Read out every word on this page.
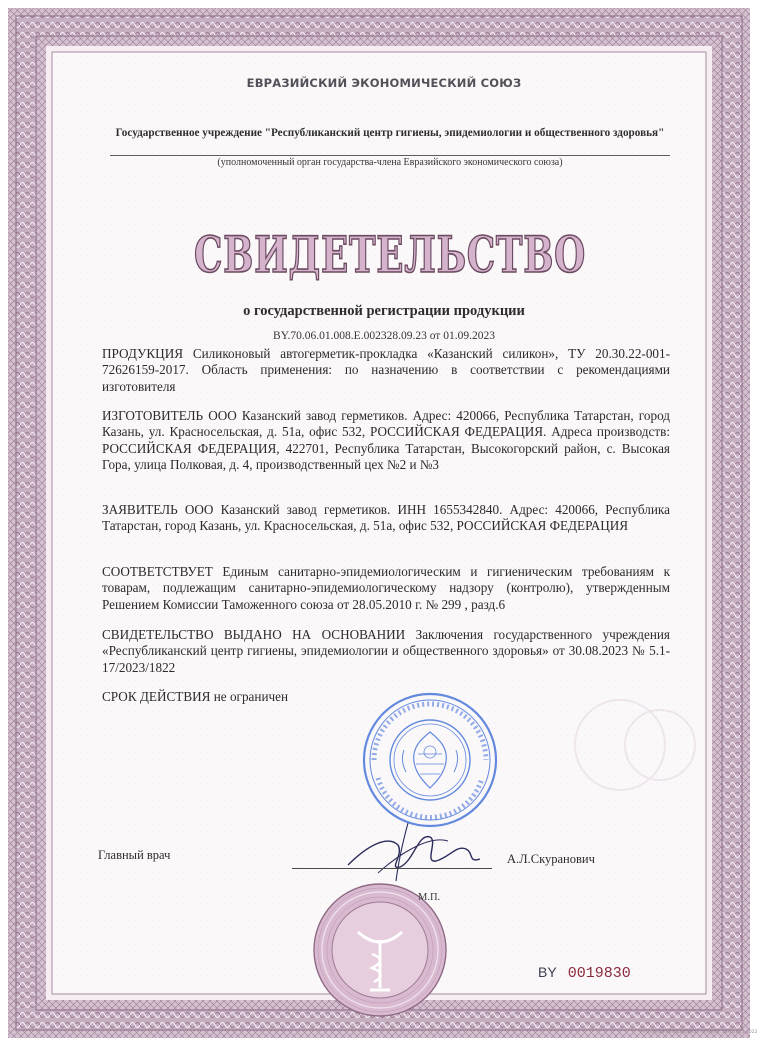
ЕВРАЗИЙСКИЙ ЭКОНОМИЧЕСКИЙ СОЮЗ
Государственное учреждение "Республиканский центр гигиены, эпидемиологии и общественного здоровья"
(уполномоченный орган государства-члена Евразийского экономического союза)
СВИДЕТЕЛЬСТВО
о государственной регистрации продукции
BY.70.06.01.008.Е.002328.09.23 от 01.09.2023
ПРОДУКЦИЯ Силиконовый автогерметик-прокладка «Казанский силикон», ТУ 20.30.22-001-72626159-2017. Область применения: по назначению в соответствии с рекомендациями изготовителя
ИЗГОТОВИТЕЛЬ ООО Казанский завод герметиков. Адрес: 420066, Республика Татарстан, город Казань, ул. Красносельская, д. 51а, офис 532, РОССИЙСКАЯ ФЕДЕРАЦИЯ. Адреса производств: РОССИЙСКАЯ ФЕДЕРАЦИЯ, 422701, Республика Татарстан, Высокогорский район, с. Высокая Гора, улица Полковая, д. 4, производственный цех №2 и №3
ЗАЯВИТЕЛЬ ООО Казанский завод герметиков. ИНН 1655342840. Адрес: 420066, Республика Татарстан, город Казань, ул. Красносельская, д. 51а, офис 532, РОССИЙСКАЯ ФЕДЕРАЦИЯ
СООТВЕТСТВУЕТ Единым санитарно-эпидемиологическим и гигиеническим требованиям к товарам, подлежащим санитарно-эпидемиологическому надзору (контролю), утвержденным Решением Комиссии Таможенного союза от 28.05.2010 г. № 299 , разд.6
СВИДЕТЕЛЬСТВО ВЫДАНО НА ОСНОВАНИИ Заключения государственного учреждения «Республиканский центр гигиены, эпидемиологии и общественного здоровья» от 30.08.2023 № 5.1-17/2023/1822
СРОК ДЕЙСТВИЯ не ограничен
Главный врач	А.Л.Скуранович
М.П.
BY 0019830
РУ «Бумажная фабрика» Гознака, зак. 2645-2022
